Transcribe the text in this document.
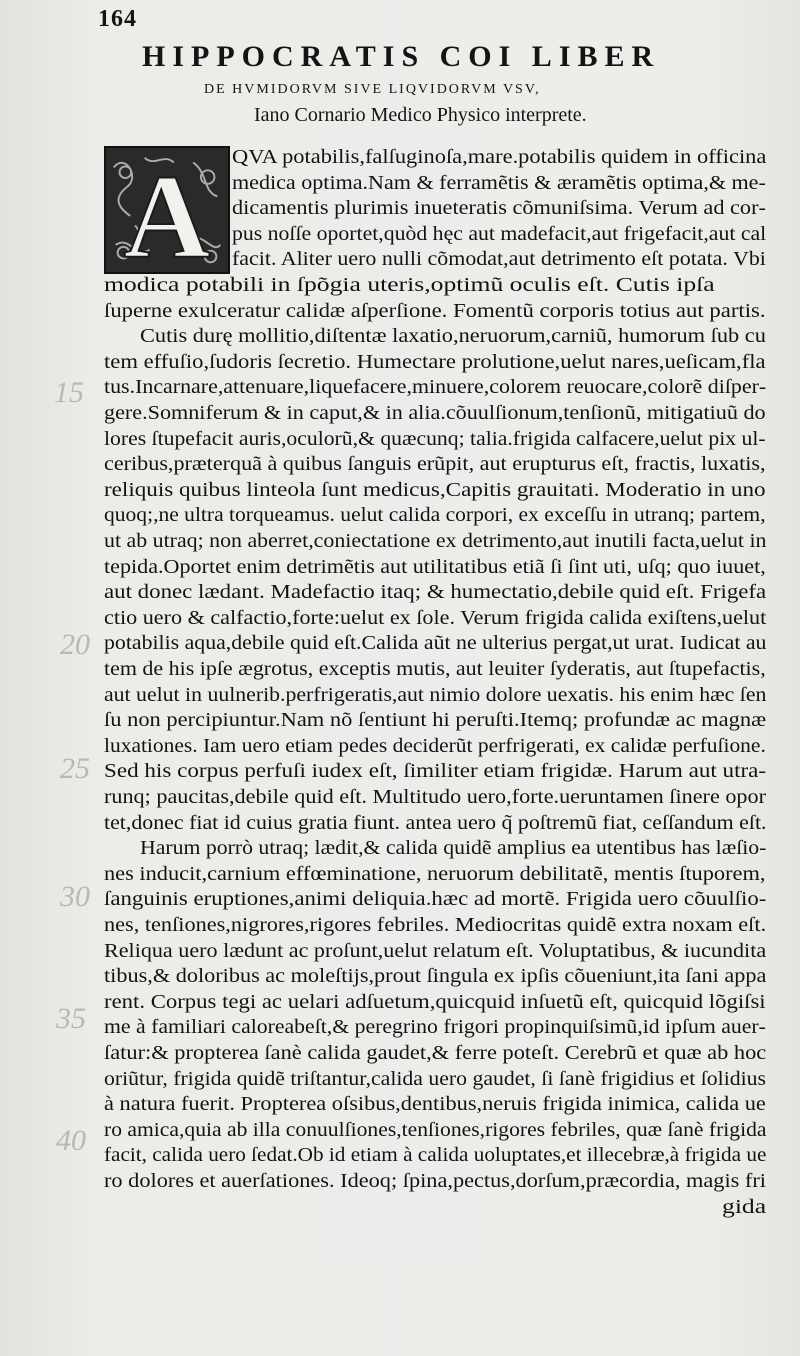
164
HIPPOCRATIS COI LIBER
DE HVMIDORVM SIVE LIQVIDORVM VSV,
Iano Cornario Medico Physico interprete.
A QVA potabilis,falſuginoſa,mare.potabilis quidem in officina
medica optima.Nam & ferramẽtis & æramẽtis optima,& me‐
dicamentis plurimis inueteratis cõmuniſsima. Verum ad cor‐
pus noſſe oportet,quòd hęc aut madefacit,aut frigefacit,aut cal
facit. Aliter uero nulli cõmodat,aut detrimento eſt potata. Vbi
modica potabili in ſpõgia uteris,optimũ oculis eſt. Cutis ipſa
ſuperne exulceratur calidæ aſperſione. Fomentũ corporis totius aut partis.
Cutis durę mollitio,diſtentæ laxatio,neruorum,carniũ, humorum ſub cu
tem effuſio,ſudoris ſecretio. Humectare prolutione,uelut nares,ueſicam,fla
tus.Incarnare,attenuare,liquefacere,minuere,colorem reuocare,colorẽ diſper‐
gere.Somniferum & in caput,& in alia.cõuulſionum,tenſionũ, mitigatiuũ do
lores ſtupefacit auris,oculorũ,& quæcunq; talia.frigida calfacere,uelut pix ul‐
ceribus,præterquã à quibus ſanguis erũpit, aut erupturus eſt, fractis, luxatis,
reliquis quibus linteola ſunt medicus,Capitis grauitati. Moderatio in uno
quoq;,ne ultra torqueamus. uelut calida corpori, ex exceſſu in utranq; partem,
ut ab utraq; non aberret,coniectatione ex detrimento,aut inutili facta,uelut in
tepida.Oportet enim detrimẽtis aut utilitatibus etiã ſi ſint uti, uſq; quo iuuet,
aut donec lædant. Madefactio itaq; & humectatio,debile quid eſt. Frigefa
ctio uero & calfactio,forte:uelut ex ſole. Verum frigida calida exiſtens,uelut
potabilis aqua,debile quid eſt.Calida aũt ne ulterius pergat,ut urat. Iudicat au
tem de his ipſe ægrotus, exceptis mutis, aut leuiter ſyderatis, aut ſtupefactis,
aut uelut in uulnerib.perfrigeratis,aut nimio dolore uexatis. his enim hæc ſen
ſu non percipiuntur.Nam nõ ſentiunt hi peruſti.Itemq; profundæ ac magnæ
luxationes. Iam uero etiam pedes deciderũt perfrigerati, ex calidæ perfuſione.
Sed his corpus perfuſi iudex eſt, ſimiliter etiam frigidæ. Harum aut utra‐
runq; paucitas,debile quid eſt. Multitudo uero,forte.ueruntamen ſinere opor
tet,donec fiat id cuius gratia fiunt. antea uero q̃ poſtremũ fiat, ceſſandum eſt.
Harum porrò utraq; lædit,& calida quidẽ amplius ea utentibus has læſio‐
nes inducit,carnium effœminatione, neruorum debilitatẽ, mentis ſtuporem,
ſanguinis eruptiones,animi deliquia.hæc ad mortẽ. Frigida uero cõuulſio‐
nes, tenſiones,nigrores,rigores febriles. Mediocritas quidẽ extra noxam eſt.
Reliqua uero lædunt ac proſunt,uelut relatum eſt. Voluptatibus, & iucundita
tibus,& doloribus ac moleſtijs,prout ſingula ex ipſis cõueniunt,ita ſani appa
rent. Corpus tegi ac uelari adſuetum,quicquid inſuetũ eſt, quicquid lõgiſsi
me à familiari caloreabeſt,& peregrino frigori propinquiſsimũ,id ipſum auer‐
ſatur:& propterea ſanè calida gaudet,& ferre poteſt. Cerebrũ et quæ ab hoc
oriũtur, frigida quidẽ triſtantur,calida uero gaudet, ſi ſanè frigidius et ſolidius
à natura fuerit. Propterea oſsibus,dentibus,neruis frigida inimica, calida ue
ro amica,quia ab illa conuulſiones,tenſiones,rigores febriles, quæ ſanè frigida
facit, calida uero ſedat.Ob id etiam à calida uoluptates,et illecebræ,à frigida ue
ro dolores et auerſationes. Ideoq; ſpina,pectus,dorſum,præcordia, magis fri
gida
15
20
25
30
35
40
